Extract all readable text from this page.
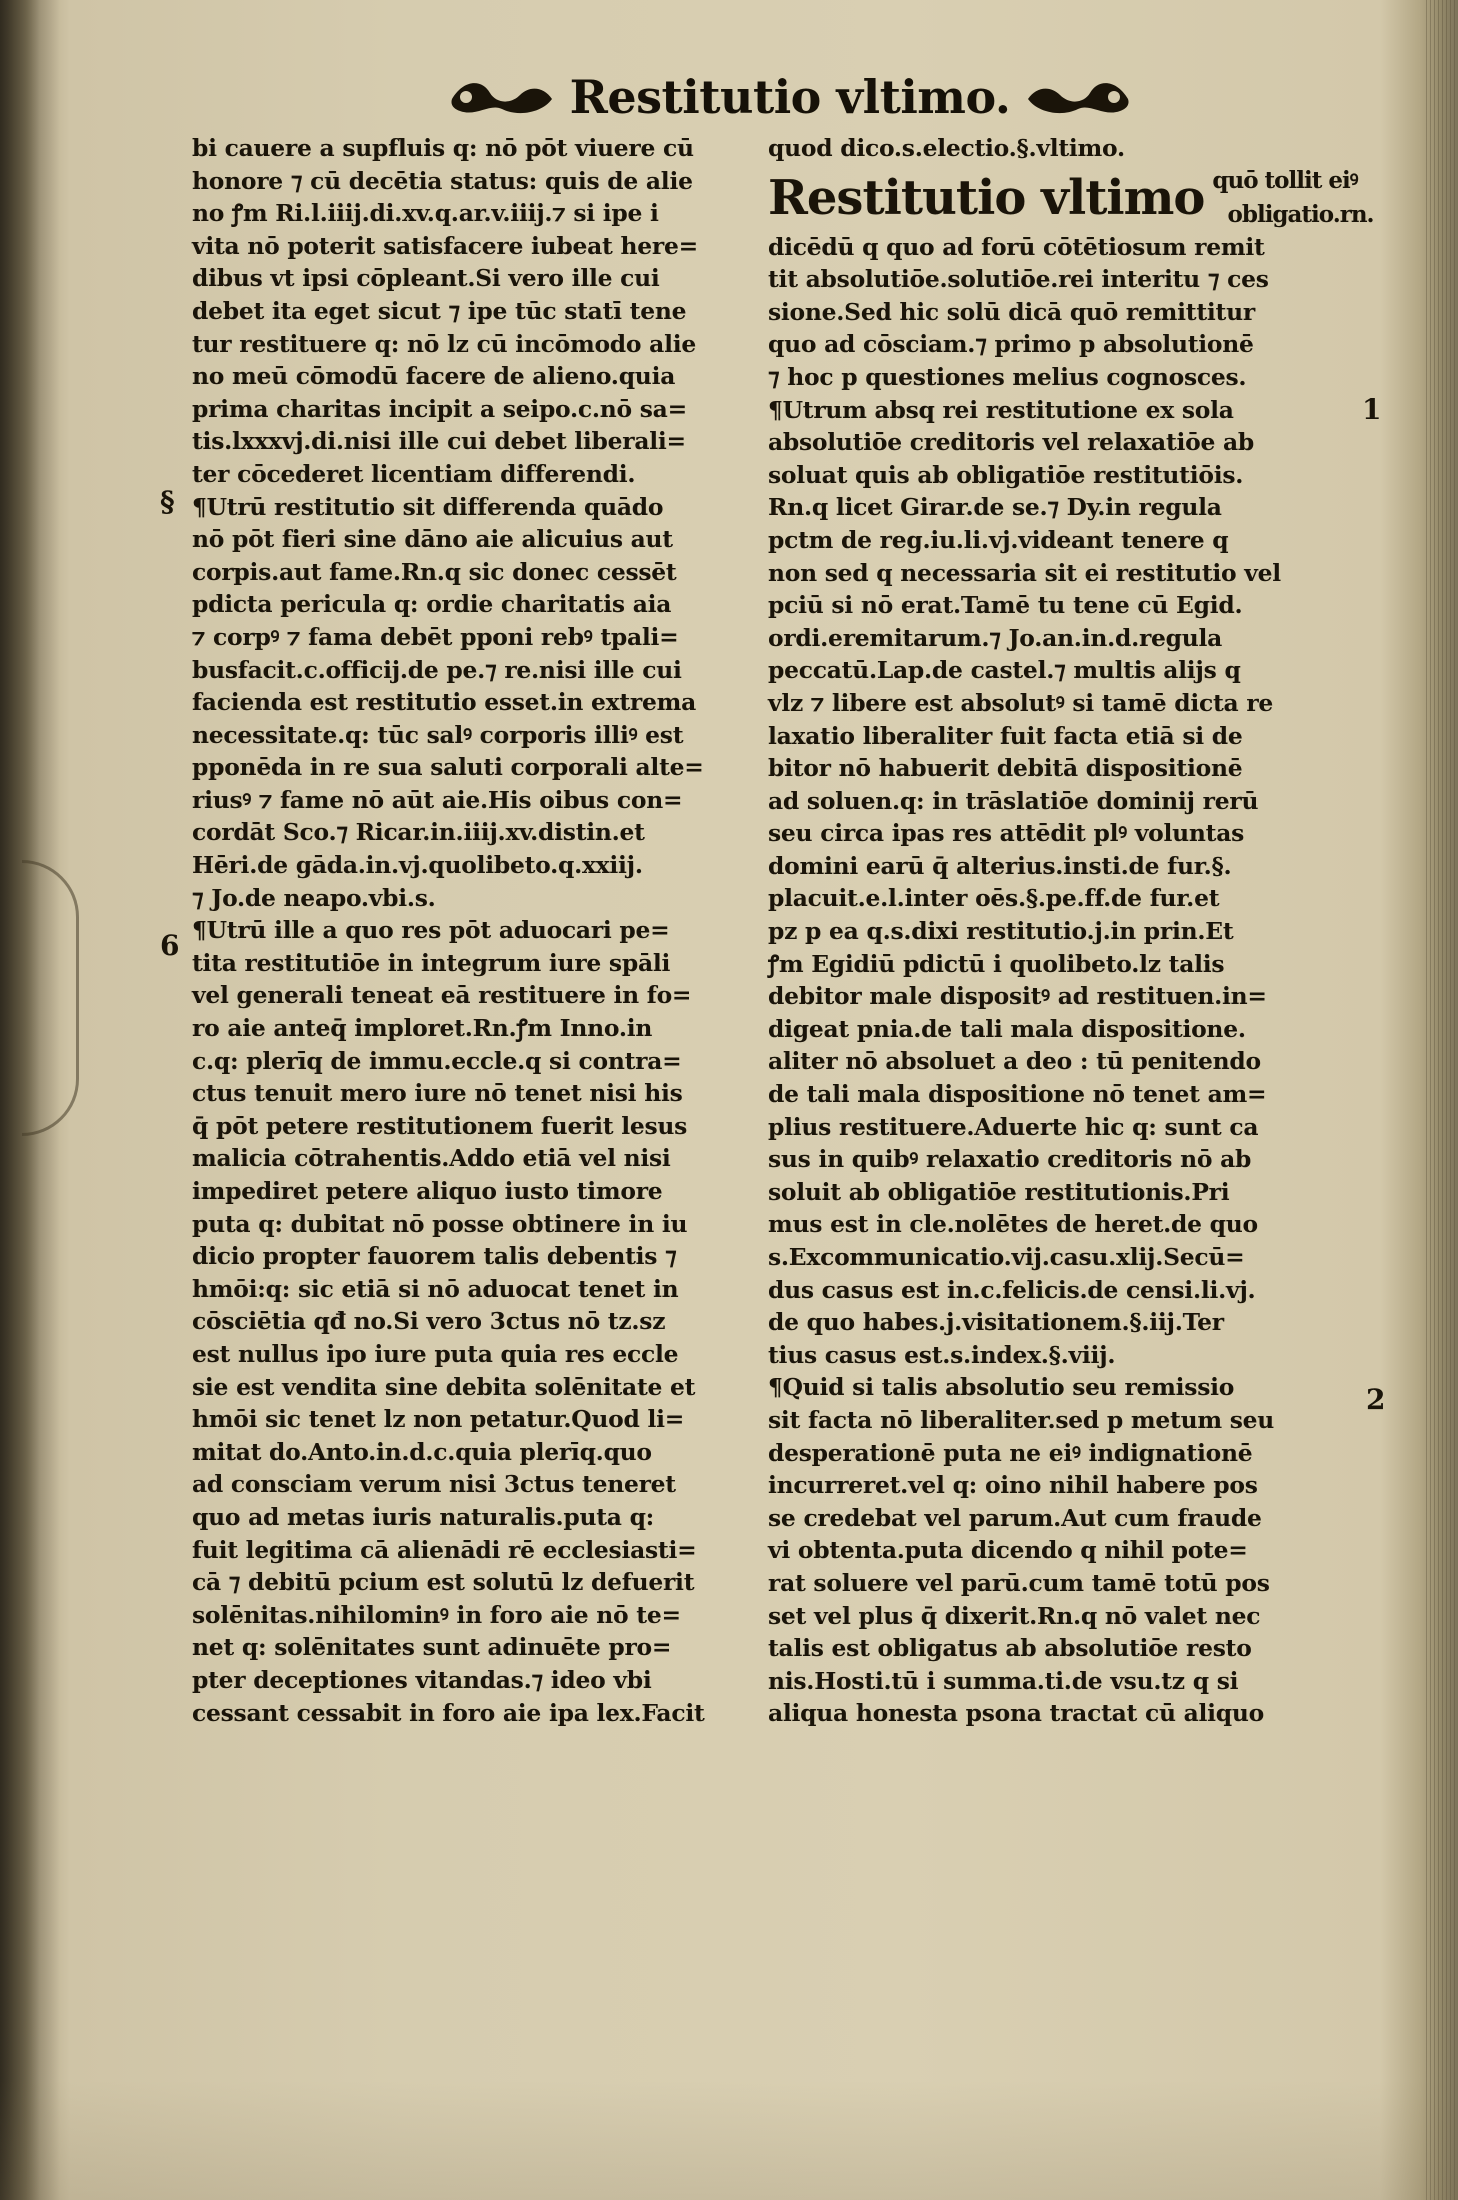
Restitutio vltimo.
bi cauere a supfluis q: nō pōt viuere cū
honore ⁊ cū decētia status: quis de alie
no ꝭm Ri.l.iiij.di.xv.q.ar.v.iiij.⁊ si ipe i
vita nō poterit satisfacere iubeat here=
dibus vt ipsi cōpleant.Si vero ille cui
debet ita eget sicut ⁊ ipe tūc statī tene
tur restituere q: nō lz cū incōmodo alie
no meū cōmodū facere de alieno.quia
prima charitas incipit a seipo.c.nō sa=
tis.lxxxvj.di.nisi ille cui debet liberali=
ter cōcederet licentiam differendi.
¶Utrū restitutio sit differenda quādo
nō pōt fieri sine dāno aie alicuius aut
corpis.aut fame.Rn.q sic donec cessēt
pdicta pericula q: ordie charitatis aia
⁊ corpꝰ ⁊ fama debēt pponi rebꝰ tpali=
busfacit.c.officij.de pe.⁊ re.nisi ille cui
facienda est restitutio esset.in extrema
necessitate.q: tūc salꝰ corporis illiꝰ est
pponēda in re sua saluti corporali alte=
riusꝰ ⁊ fame nō aūt aie.His oibus con=
cordāt Sco.⁊ Ricar.in.iiij.xv.distin.et
Hēri.de gāda.in.vj.quolibeto.q.xxiij.
⁊ Jo.de neapo.vbi.s.
¶Utrū ille a quo res pōt aduocari pe=
tita restitutiōe in integrum iure spāli
vel generali teneat eā restituere in fo=
ro aie anteq̄ imploret.Rn.ꝭm Inno.in
c.q: plerīq de immu.eccle.q si contra=
ctus tenuit mero iure nō tenet nisi his
q̄ pōt petere restitutionem fuerit lesus
malicia cōtrahentis.Addo etiā vel nisi
impediret petere aliquo iusto timore
puta q: dubitat nō posse obtinere in iu
dicio propter fauorem talis debentis ⁊
hmōi:q: sic etiā si nō aduocat tenet in
cōsciētia qđ no.Si vero 3ctus nō tz.sz
est nullus ipo iure puta quia res eccle
sie est vendita sine debita solēnitate et
hmōi sic tenet lz non petatur.Quod li=
mitat do.Anto.in.d.c.quia plerīq.quo
ad consciam verum nisi 3ctus teneret
quo ad metas iuris naturalis.puta q:
fuit legitima cā alienādi rē ecclesiasti=
cā ⁊ debitū pcium est solutū lz defuerit
solēnitas.nihilominꝰ in foro aie nō te=
net q: solēnitates sunt adinuēte pro=
pter deceptiones vitandas.⁊ ideo vbi
cessant cessabit in foro aie ipa lex.Facit
quod dico.s.electio.§.vltimo.
Restitutio vltimo $^{quō tollit eiꝰ}_{obligatio.rn.}$
dicēdū q quo ad forū cōtētiosum remit
tit absolutiōe.solutiōe.rei interitu ⁊ ces
sione.Sed hic solū dicā quō remittitur
quo ad cōsciam.⁊ primo p absolutionē
⁊ hoc p questiones melius cognosces.
¶Utrum absq rei restitutione ex sola
absolutiōe creditoris vel relaxatiōe ab
soluat quis ab obligatiōe restitutiōis.
Rn.q licet Girar.de se.⁊ Dy.in regula
pctm de reg.iu.li.vj.videant tenere q
non sed q necessaria sit ei restitutio vel
pciū si nō erat.Tamē tu tene cū Egid.
ordi.eremitarum.⁊ Jo.an.in.d.regula
peccatū.Lap.de castel.⁊ multis alijs q
vlz ⁊ libere est absolutꝰ si tamē dicta re
laxatio liberaliter fuit facta etiā si de
bitor nō habuerit debitā dispositionē
ad soluen.q: in trāslatiōe dominij rerū
seu circa ipas res attēdit plꝰ voluntas
domini earū q̄ alterius.insti.de fur.§.
placuit.e.l.inter oēs.§.pe.ff.de fur.et
pz p ea q.s.dixi restitutio.j.in prin.Et
ꝭm Egidiū pdictū i quolibeto.lz talis
debitor male dispositꝰ ad restituen.in=
digeat pnia.de tali mala dispositione.
aliter nō absoluet a deo : tū penitendo
de tali mala dispositione nō tenet am=
plius restituere.Aduerte hic q: sunt ca
sus in quibꝰ relaxatio creditoris nō ab
soluit ab obligatiōe restitutionis.Pri
mus est in cle.nolētes de heret.de quo
s.Excommunicatio.vij.casu.xlij.Secū=
dus casus est in.c.felicis.de censi.li.vj.
de quo habes.j.visitationem.§.iij.Ter
tius casus est.s.index.§.viij.
¶Quid si talis absolutio seu remissio
sit facta nō liberaliter.sed p metum seu
desperationē puta ne eiꝰ indignationē
incurreret.vel q: oino nihil habere pos
se credebat vel parum.Aut cum fraude
vi obtenta.puta dicendo q nihil pote=
rat soluere vel parū.cum tamē totū pos
set vel plus q̄ dixerit.Rn.q nō valet nec
talis est obligatus ab absolutiōe resto
nis.Hosti.tū i summa.ti.de vsu.tz q si
aliqua honesta psona tractat cū aliquo
§
6
1
2
